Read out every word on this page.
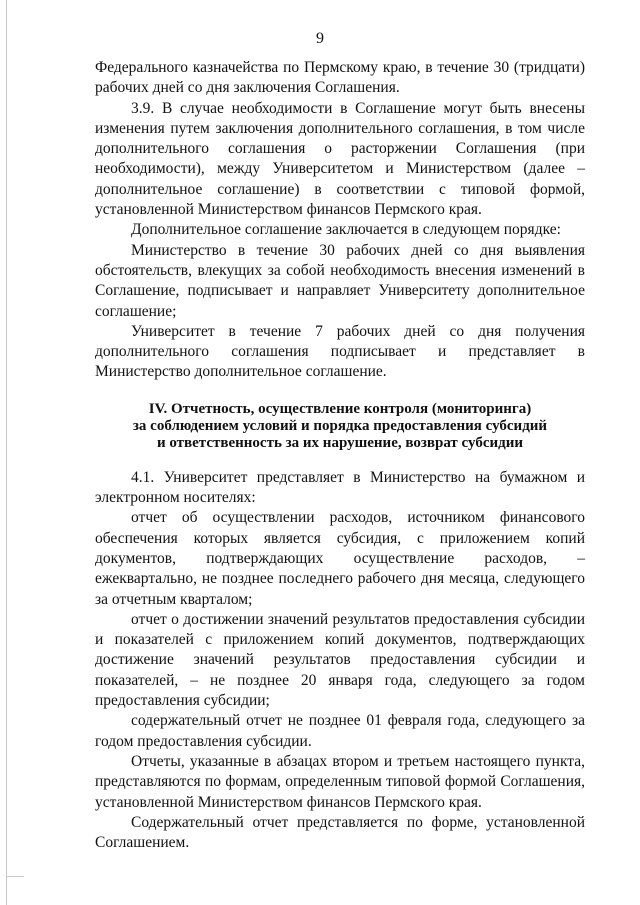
9

Федерального казначейства по Пермскому краю, в течение 30 (тридцати) рабочих дней со дня заключения Соглашения.

3.9. В случае необходимости в Соглашение могут быть внесены изменения путем заключения дополнительного соглашения, в том числе дополнительного соглашения о расторжении Соглашения (при необходимости), между Университетом и Министерством (далее – дополнительное соглашение) в соответствии с типовой формой, установленной Министерством финансов Пермского края.

Дополнительное соглашение заключается в следующем порядке:

Министерство в течение 30 рабочих дней со дня выявления обстоятельств, влекущих за собой необходимость внесения изменений в Соглашение, подписывает и направляет Университету дополнительное соглашение;

Университет в течение 7 рабочих дней со дня получения дополнительного соглашения подписывает и представляет в Министерство дополнительное соглашение.

IV. Отчетность, осуществление контроля (мониторинга)
за соблюдением условий и порядка предоставления субсидий
и ответственность за их нарушение, возврат субсидии

4.1. Университет представляет в Министерство на бумажном и электронном носителях:

отчет об осуществлении расходов, источником финансового обеспечения которых является субсидия, с приложением копий документов, подтверждающих осуществление расходов, – ежеквартально, не позднее последнего рабочего дня месяца, следующего за отчетным кварталом;

отчет о достижении значений результатов предоставления субсидии и показателей с приложением копий документов, подтверждающих достижение значений результатов предоставления субсидии и показателей, – не позднее 20 января года, следующего за годом предоставления субсидии;

содержательный отчет не позднее 01 февраля года, следующего за годом предоставления субсидии.

Отчеты, указанные в абзацах втором и третьем настоящего пункта, представляются по формам, определенным типовой формой Соглашения, установленной Министерством финансов Пермского края.

Содержательный отчет представляется по форме, установленной Соглашением.
